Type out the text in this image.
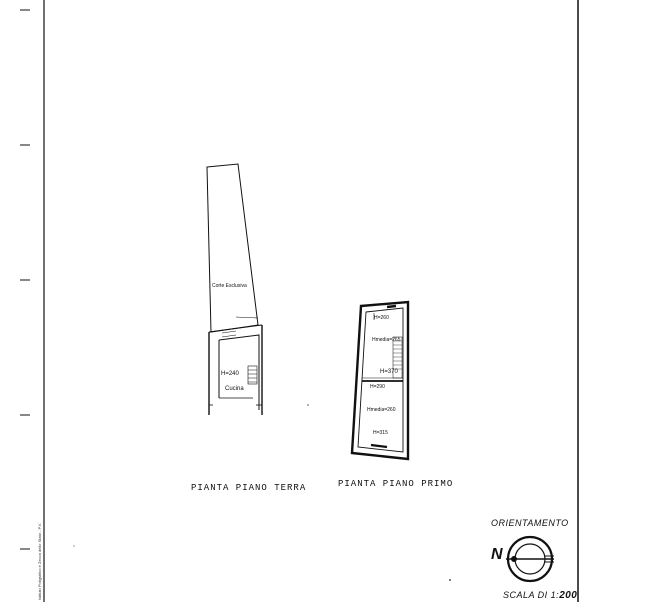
Corte Esclusiva
H=240
Cucina
PIANTA PIANO TERRA
H=260
Hmedia=265
H=370
H=290
Hmedia=260
H=315
PIANTA PIANO PRIMO
ORIENTAMENTO
N
SCALA DI 1:200
Istituto Poligrafico e Zecca dello Stato - P.V.
